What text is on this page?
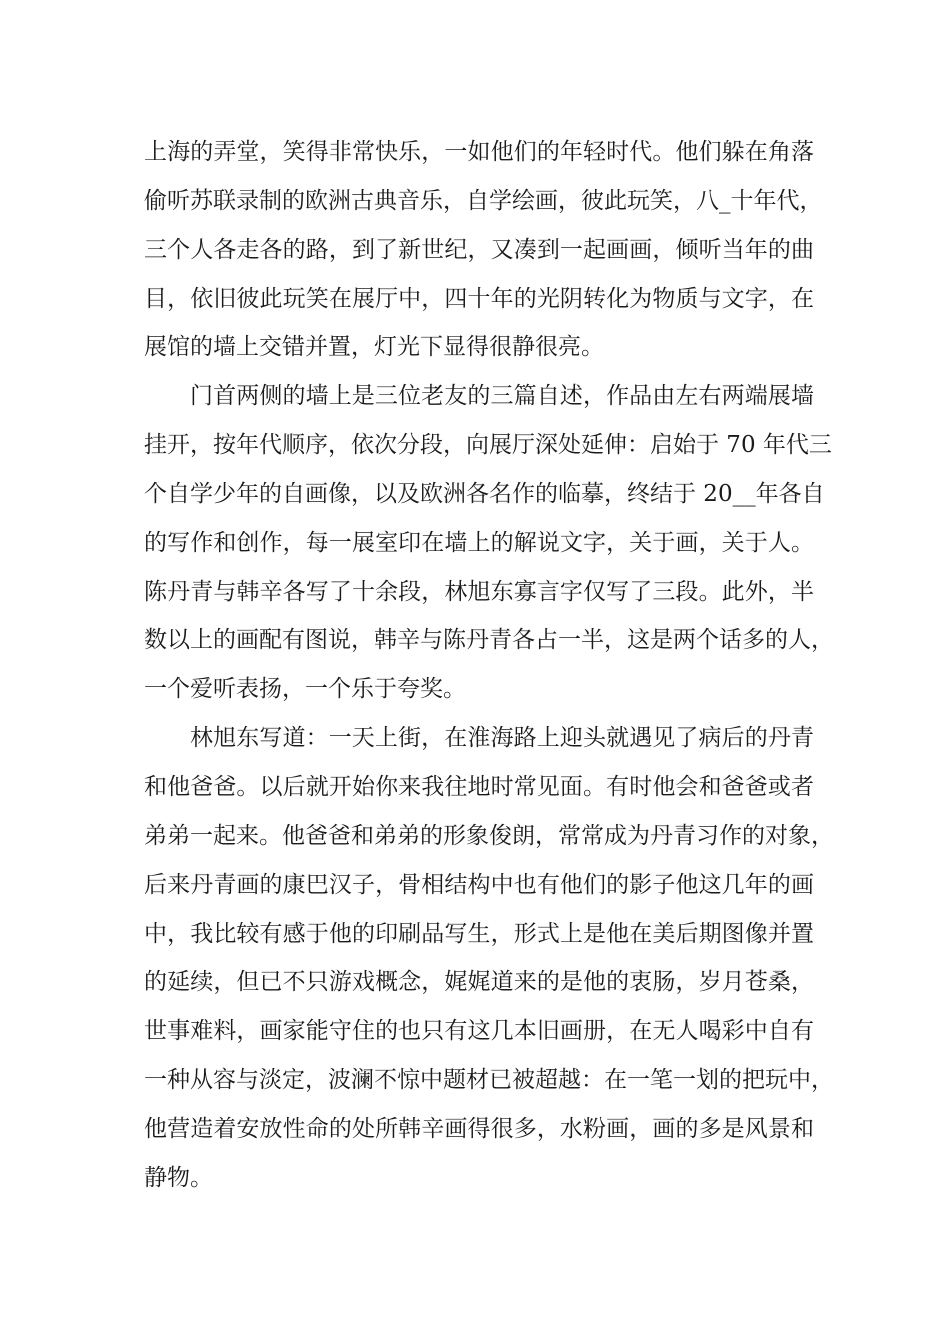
上海的弄堂，笑得非常快乐，一如他们的年轻时代。他们躲在角落
偷听苏联录制的欧洲古典音乐，自学绘画，彼此玩笑，八_十年代，
三个人各走各的路，到了新世纪，又凑到一起画画，倾听当年的曲
目，依旧彼此玩笑在展厅中，四十年的光阴转化为物质与文字，在
展馆的墙上交错并置，灯光下显得很静很亮。
门首两侧的墙上是三位老友的三篇自述，作品由左右两端展墙
挂开，按年代顺序，依次分段，向展厅深处延伸：启始于 70 年代三
个自学少年的自画像，以及欧洲各名作的临摹，终结于 20__年各自
的写作和创作，每一展室印在墙上的解说文字，关于画，关于人。
陈丹青与韩辛各写了十余段，林旭东寡言字仅写了三段。此外，半
数以上的画配有图说，韩辛与陈丹青各占一半，这是两个话多的人，
一个爱听表扬，一个乐于夸奖。
林旭东写道：一天上街，在淮海路上迎头就遇见了病后的丹青
和他爸爸。以后就开始你来我往地时常见面。有时他会和爸爸或者
弟弟一起来。他爸爸和弟弟的形象俊朗，常常成为丹青习作的对象，
后来丹青画的康巴汉子，骨相结构中也有他们的影子他这几年的画
中，我比较有感于他的印刷品写生，形式上是他在美后期图像并置
的延续，但已不只游戏概念，娓娓道来的是他的衷肠，岁月苍桑，
世事难料，画家能守住的也只有这几本旧画册，在无人喝彩中自有
一种从容与淡定，波澜不惊中题材已被超越：在一笔一划的把玩中，
他营造着安放性命的处所韩辛画得很多，水粉画，画的多是风景和
静物。
